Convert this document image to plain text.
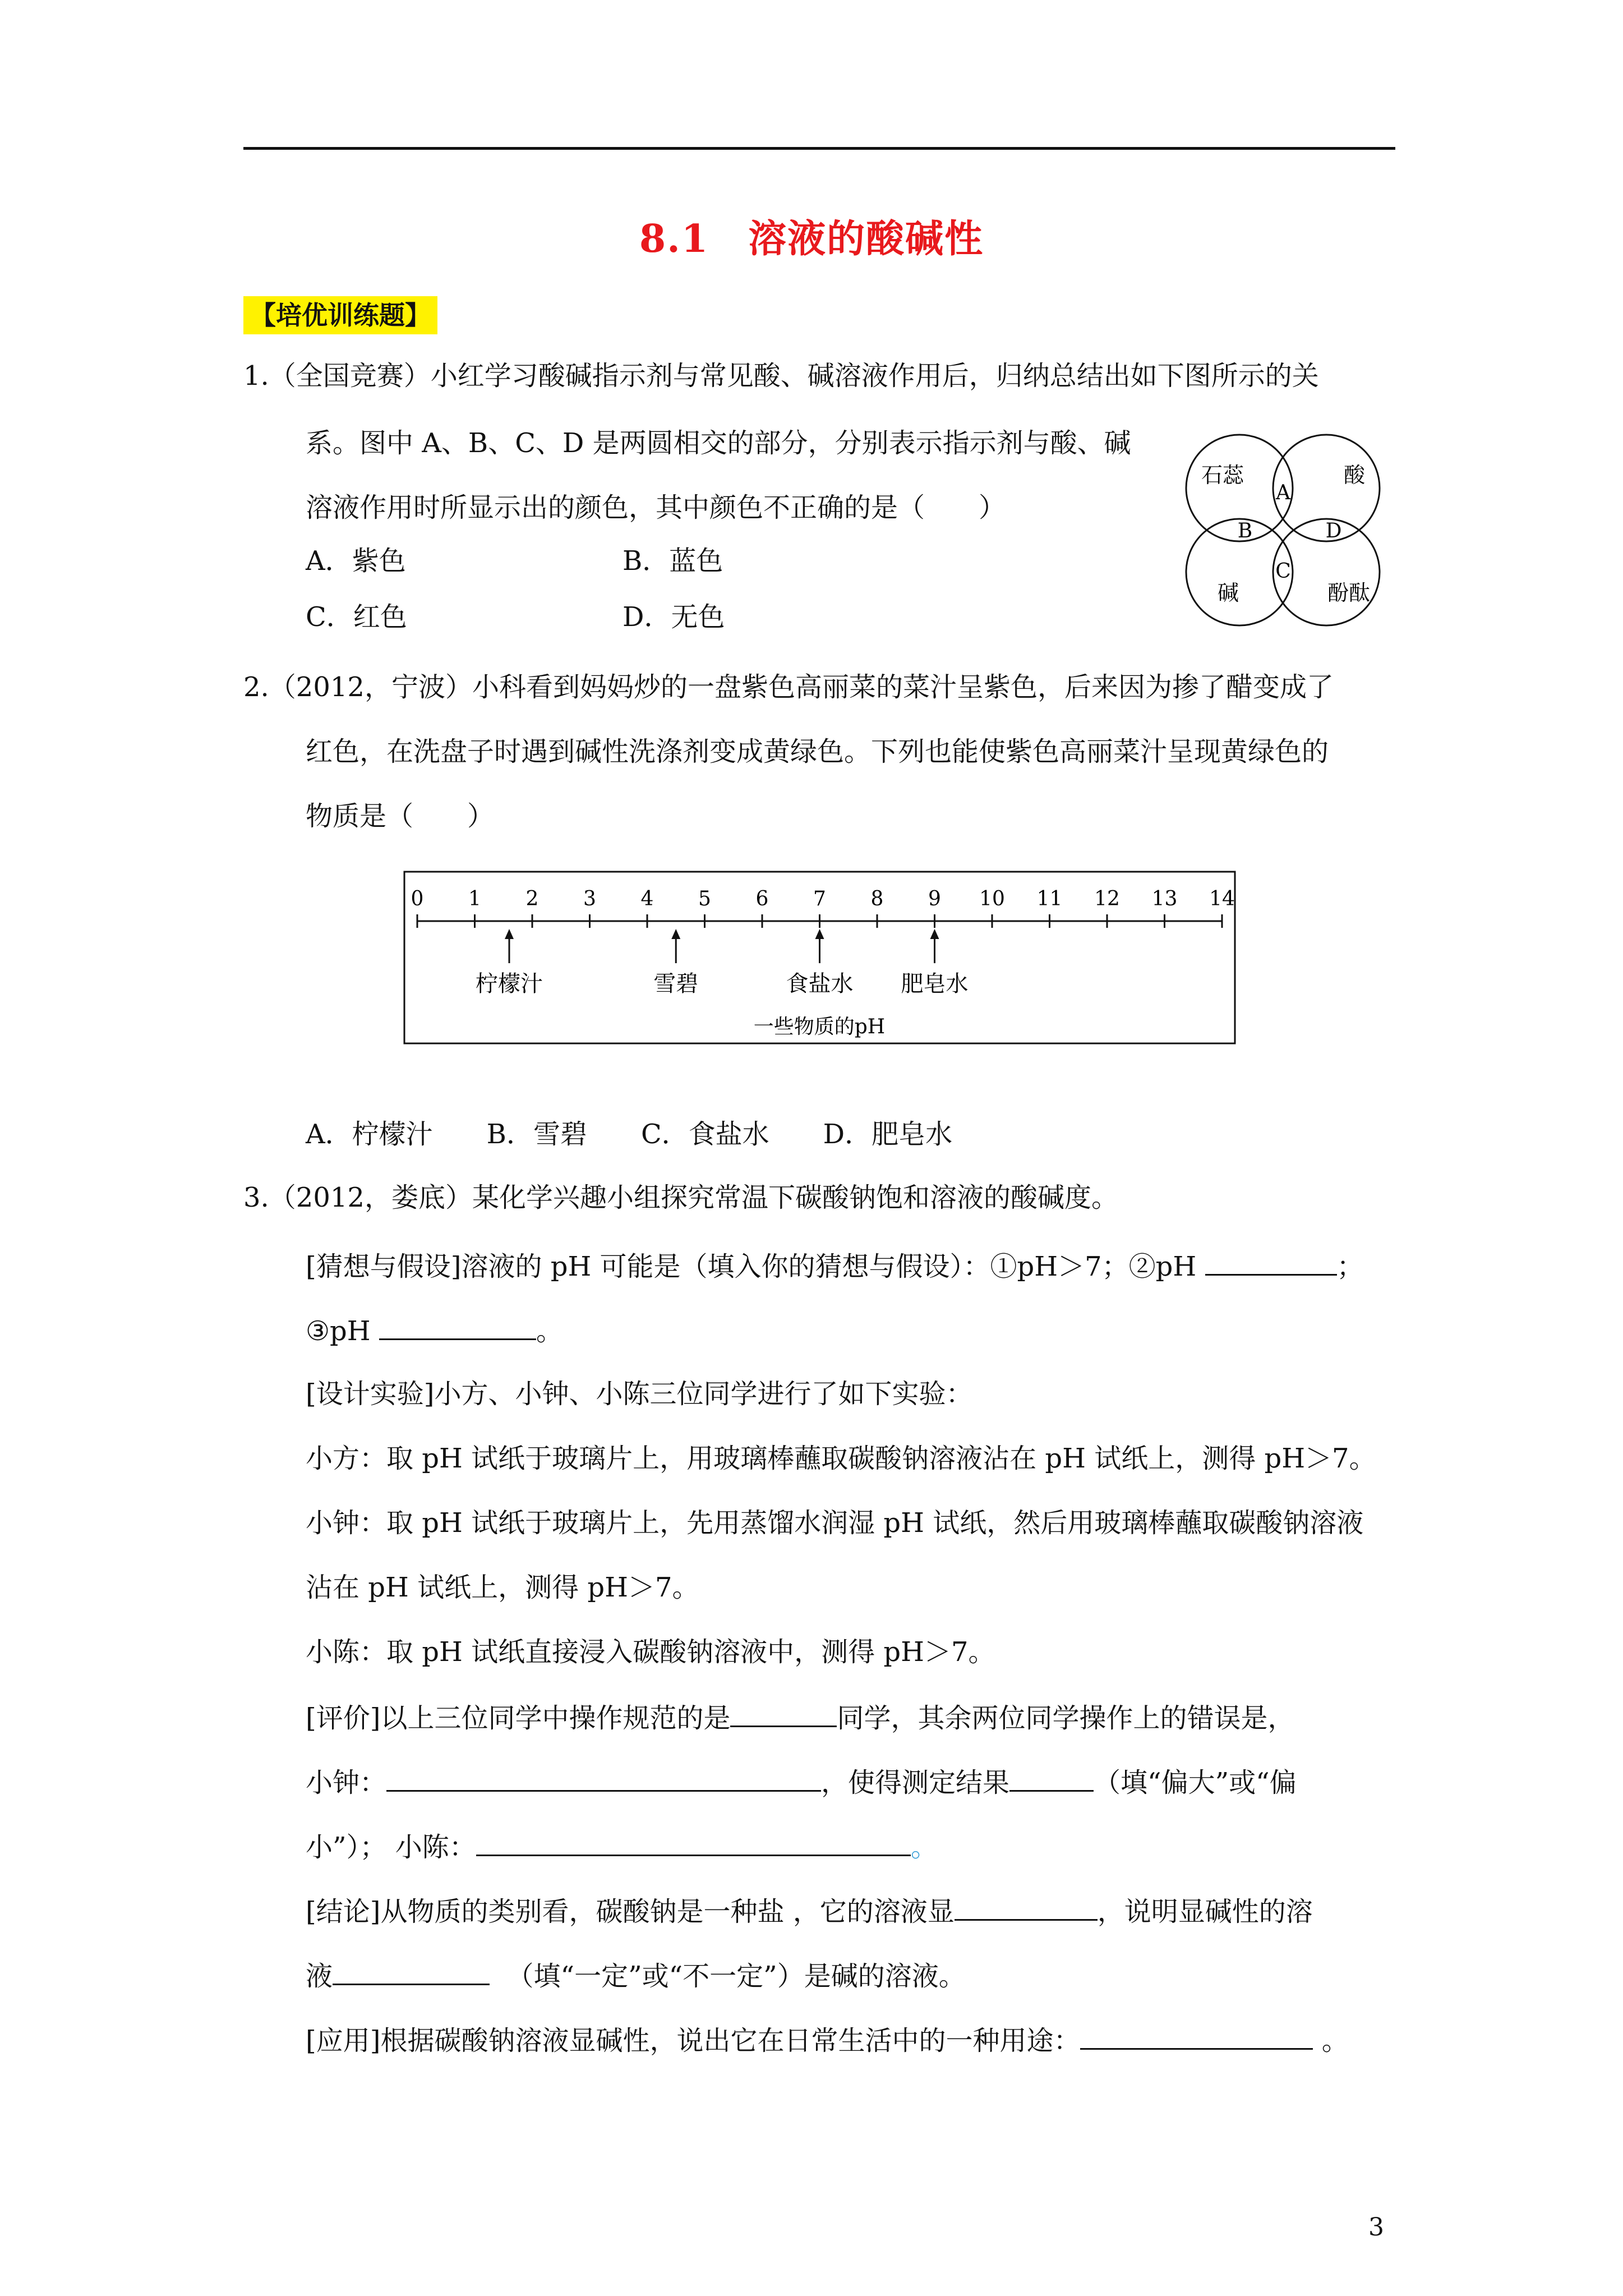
8.1 溶液的酸碱性
【培优训练题】
1.（全国竞赛）小红学习酸碱指示剂与常见酸、碱溶液作用后，归纳总结出如下图所示的关
系。图中 A、B、C、D 是两圆相交的部分，分别表示指示剂与酸、碱
溶液作用时所显示出的颜色，其中颜色不正确的是（　　）
A．紫色	B．蓝色
C．红色	D．无色
石蕊	酸
碱	酚酞
A
B	D
C
2.（2012，宁波）小科看到妈妈炒的一盘紫色高丽菜的菜汁呈紫色，后来因为掺了醋变成了
红色，在洗盘子时遇到碱性洗涤剂变成黄绿色。下列也能使紫色高丽菜汁呈现黄绿色的
物质是（　　）
0 1 2 3 4 5 6 7 8 9 10 11 12 13 14
柠檬汁	雪碧	食盐水 肥皂水
一些物质的pH
A．柠檬汁　　B．雪碧　　C．食盐水　　D．肥皂水
3.（2012，娄底）某化学兴趣小组探究常温下碳酸钠饱和溶液的酸碱度。
[猜想与假设]溶液的 pH 可能是（填入你的猜想与假设）：①pH＞7；②pH	；
③pH	。
[设计实验]小方、小钟、小陈三位同学进行了如下实验：
小方：取 pH 试纸于玻璃片上，用玻璃棒蘸取碳酸钠溶液沾在 pH 试纸上，测得 pH＞7。
小钟：取 pH 试纸于玻璃片上，先用蒸馏水润湿 pH 试纸，然后用玻璃棒蘸取碳酸钠溶液
沾在 pH 试纸上，测得 pH＞7。
小陈：取 pH 试纸直接浸入碳酸钠溶液中，测得 pH＞7。
[评价]以上三位同学中操作规范的是	同学，其余两位同学操作上的错误是，
小钟：	，使得测定结果	（填“偏大”或“偏
小”）； 小陈：	。
[结论]从物质的类别看，碳酸钠是一种盐 ，它的溶液显	，说明显碱性的溶
液	（填“一定”或“不一定”）是碱的溶液。
[应用]根据碳酸钠溶液显碱性，说出它在日常生活中的一种用途：	。
3
